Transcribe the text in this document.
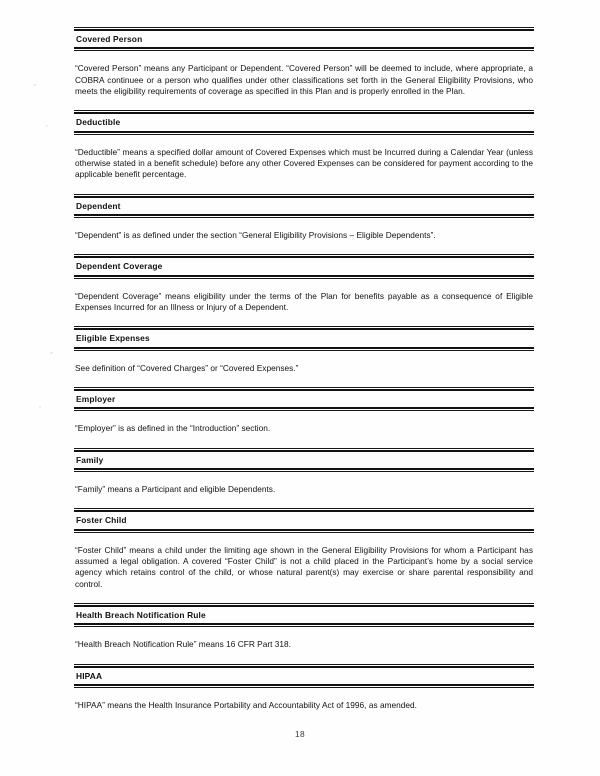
Covered Person

“Covered Person” means any Participant or Dependent. “Covered Person” will be deemed to include, where appropriate, a COBRA continuee or a person who qualifies under other classifications set forth in the General Eligibility Provisions, who meets the eligibility requirements of coverage as specified in this Plan and is properly enrolled in the Plan.

Deductible

“Deductible” means a specified dollar amount of Covered Expenses which must be Incurred during a Calendar Year (unless otherwise stated in a benefit schedule) before any other Covered Expenses can be considered for payment according to the applicable benefit percentage.

Dependent

“Dependent” is as defined under the section “General Eligibility Provisions – Eligible Dependents”.

Dependent Coverage

“Dependent Coverage” means eligibility under the terms of the Plan for benefits payable as a consequence of Eligible Expenses Incurred for an Illness or Injury of a Dependent.

Eligible Expenses

See definition of “Covered Charges” or “Covered Expenses.”

Employer

“Employer” is as defined in the “Introduction” section.

Family

“Family” means a Participant and eligible Dependents.

Foster Child

“Foster Child” means a child under the limiting age shown in the General Eligibility Provisions for whom a Participant has assumed a legal obligation. A covered “Foster Child” is not a child placed in the Participant’s home by a social service agency which retains control of the child, or whose natural parent(s) may exercise or share parental responsibility and control.

Health Breach Notification Rule

“Health Breach Notification Rule” means 16 CFR Part 318.

HIPAA

“HIPAA” means the Health Insurance Portability and Accountability Act of 1996, as amended.

18
